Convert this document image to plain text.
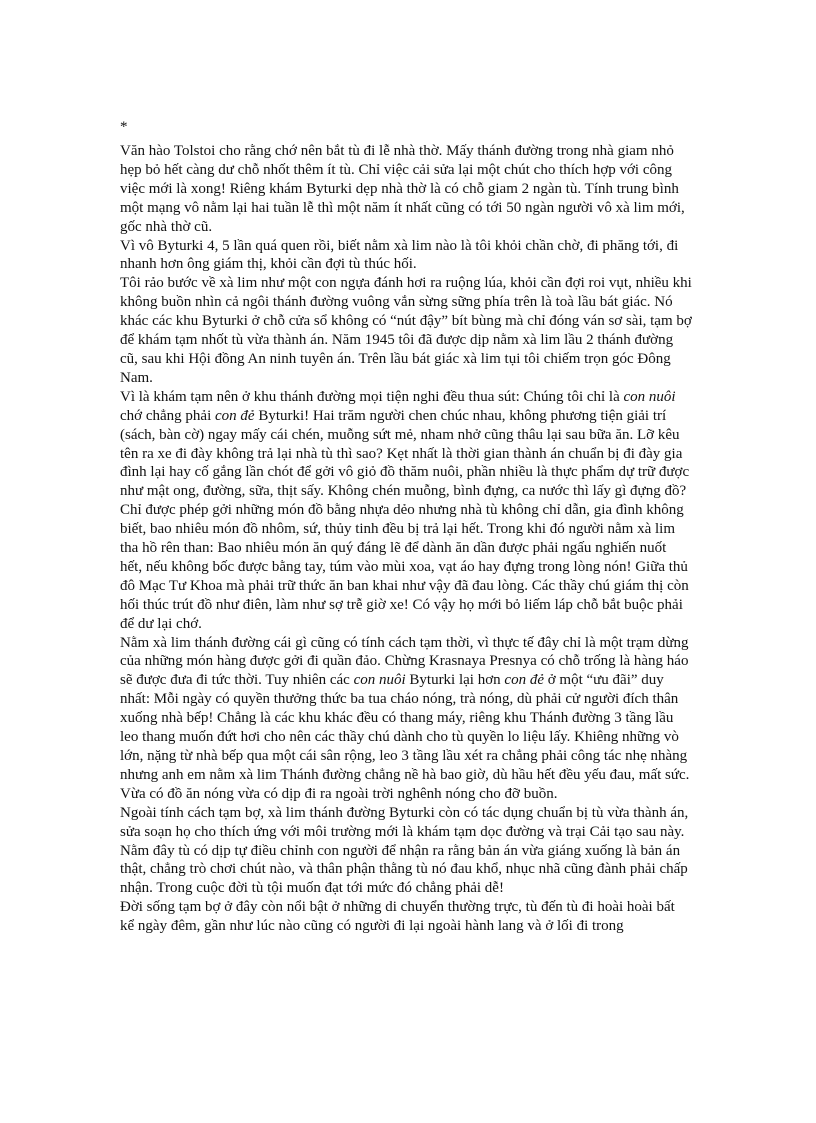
*

Văn hào Tolstoi cho rằng chớ nên bắt tù đi lễ nhà thờ. Mấy thánh đường trong nhà giam nhỏ hẹp bỏ hết càng dư chỗ nhốt thêm ít tù. Chỉ việc cải sửa lại một chút cho thích hợp với công việc mới là xong! Riêng khám Byturki dẹp nhà thờ là có chỗ giam 2 ngàn tù. Tính trung bình một mạng vô nằm lại hai tuần lễ thì một năm ít nhất cũng có tới 50 ngàn người vô xà lim mới, gốc nhà thờ cũ.

Vì vô Byturki 4, 5 lần quá quen rồi, biết nằm xà lim nào là tôi khỏi chần chờ, đi phăng tới, đi nhanh hơn ông giám thị, khỏi cần đợi tù thúc hối.

Tôi rảo bước về xà lim như một con ngựa đánh hơi ra ruộng lúa, khỏi cần đợi roi vụt, nhiều khi không buồn nhìn cả ngôi thánh đường vuông vắn sừng sững phía trên là toà lầu bát giác. Nó khác các khu Byturki ở chỗ cửa sổ không có “nút đậy” bít bùng mà chỉ đóng ván sơ sài, tạm bợ để khám tạm nhốt tù vừa thành án. Năm 1945 tôi đã được dịp nằm xà lim lầu 2 thánh đường cũ, sau khi Hội đồng An ninh tuyên án. Trên lầu bát giác xà lim tụi tôi chiếm trọn góc Đông Nam.

Vì là khám tạm nên ở khu thánh đường mọi tiện nghi đều thua sút: Chúng tôi chỉ là con nuôi chớ chẳng phải con đẻ Byturki! Hai trăm người chen chúc nhau, không phương tiện giải trí (sách, bàn cờ) ngay mấy cái chén, muỗng sứt mẻ, nham nhở cũng thâu lại sau bữa ăn. Lỡ kêu tên ra xe đi đày không trả lại nhà tù thì sao? Kẹt nhất là thời gian thành án chuẩn bị đi đày gia đình lại hay cố gắng lần chót để gởi vô giỏ đồ thăm nuôi, phần nhiều là thực phẩm dự trữ được như mật ong, đường, sữa, thịt sấy. Không chén muỗng, bình đựng, ca nước thì lấy gì đựng đồ? Chỉ được phép gởi những món đồ bằng nhựa dẻo nhưng nhà tù không chỉ dẫn, gia đình không biết, bao nhiêu món đồ nhôm, sứ, thủy tinh đều bị trả lại hết. Trong khi đó người nằm xà lim tha hồ rên than: Bao nhiêu món ăn quý đáng lẽ để dành ăn dần được phải ngấu nghiến nuốt hết, nếu không bốc được bằng tay, túm vào mùi xoa, vạt áo hay đựng trong lòng nón! Giữa thủ đô Mạc Tư Khoa mà phải trữ thức ăn ban khai như vậy đã đau lòng. Các thầy chú giám thị còn hối thúc trút đồ như điên, làm như sợ trễ giờ xe! Có vậy họ mới bỏ liếm láp chỗ bắt buộc phải để dư lại chớ.

Nằm xà lim thánh đường cái gì cũng có tính cách tạm thời, vì thực tế đây chỉ là một trạm dừng của những món hàng được gởi đi quần đảo. Chừng Krasnaya Presnya có chỗ trống là hàng háo sẽ được đưa đi tức thời. Tuy nhiên các con nuôi Byturki lại hơn con đẻ ở một “ưu đãi” duy nhất: Mỗi ngày có quyền thưởng thức ba tua cháo nóng, trà nóng, dù phải cử người đích thân xuống nhà bếp! Chẳng là các khu khác đều có thang máy, riêng khu Thánh đường 3 tầng lầu leo thang muốn đứt hơi cho nên các thầy chú dành cho tù quyền lo liệu lấy. Khiêng những vò lớn, nặng từ nhà bếp qua một cái sân rộng, leo 3 tầng lầu xét ra chẳng phải công tác nhẹ nhàng nhưng anh em nằm xà lim Thánh đường chẳng nề hà bao giờ, dù hầu hết đều yếu đau, mất sức. Vừa có đồ ăn nóng vừa có dịp đi ra ngoài trời nghênh nóng cho đỡ buồn.

Ngoài tính cách tạm bợ, xà lim thánh đường Byturki còn có tác dụng chuẩn bị tù vừa thành án, sửa soạn họ cho thích ứng với môi trường mới là khám tạm dọc đường và trại Cải tạo sau này. Nằm đây tù có dịp tự điều chỉnh con người để nhận ra rằng bản án vừa giáng xuống là bản án thật, chẳng trò chơi chút nào, và thân phận thằng tù nó đau khổ, nhục nhã cũng đành phải chấp nhận. Trong cuộc đời tù tội muốn đạt tới mức đó chẳng phải dễ!

Đời sống tạm bợ ở đây còn nổi bật ở những di chuyển thường trực, tù đến tù đi hoài hoài bất kể ngày đêm, gần như lúc nào cũng có người đi lại ngoài hành lang và ở lối đi trong
